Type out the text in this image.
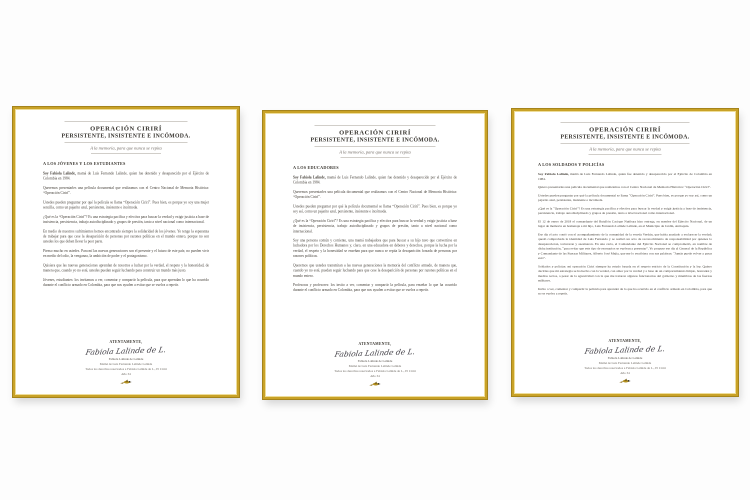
OPERACIÓN CIRIRÍ
PERSISTENTE, INSISTENTE E INCÓMODA.
A la memoria, para que nunca se repita
A LOS JÓVENES Y LOS ESTUDIANTES

Soy Fabiola Lalinde, mamá de Luis Fernando Lalinde, quien fue detenido y desaparecido por el Ejército de Colombia en 1984.

Queremos presentarles una película documental que realizamos con el Centro Nacional de Memoria Histórica: “Operación Cirirí”.

Ustedes pueden preguntar por qué la película se llama “Operación Cirirí”. Pues bien, es porque yo soy una mujer sencilla, como un pajarito azul, persistente, insistente e incómoda.

¿Qué es la “Operación Cirirí”? Es una estrategia pacífica y efectiva para buscar la verdad y exigir justicia a base de insistencia, persistencia, trabajo autodisciplinado y grupos de presión, tanto a nivel nacional como internacional.

En medio de nuestros sufrimientos hemos encontrado siempre la solidaridad de los jóvenes. Yo tengo la esperanza de trabajar para que cese la desaparición de personas por razones políticas en el mundo entero, porque no son ustedes los que deben llevar la peor parte.

Pienso mucho en ustedes. Para mí las nuevas generaciones son el presente y el futuro de este país; no pueden vivir en medio del odio, la venganza, la ambición de poder y el protagonismo.

Quisiera que las nuevas generaciones aprendan de nosotros a luchar por la verdad, el respeto y la honestidad, de manera que, cuando yo no esté, ustedes puedan seguir luchando para construir un mundo más justo.

Jóvenes, estudiantes: los invitamos a ver, comentar y compartir la película, para que aprendan lo que ha ocurrido durante el conflicto armado en Colombia, para que nos ayuden a evitar que se vuelva a repetir.

ATENTAMENTE,
Fabiola Lalinde de L.
Fabiola Lalinde de Lalinde
Mamá de Luis Fernando Lalinde Lalinde
Todos los derechos reservados a Fabiola Lalinde de L., El Cirirí
Año 34
OPERACIÓN CIRIRÍ
PERSISTENTE, INSISTENTE E INCÓMODA.
A la memoria, para que nunca se repita
A LOS EDUCADORES

Soy Fabiola Lalinde, mamá de Luis Fernando Lalinde, quien fue detenido y desaparecido por el Ejército de Colombia en 1984.

Queremos presentarles una película documental que realizamos con el Centro Nacional de Memoria Histórica: “Operación Cirirí”.

Ustedes pueden preguntar por qué la película documental se llama “Operación Cirirí”. Pues bien, es porque yo soy así, como un pajarito azul, persistente, insistente e incómoda.

¿Qué es la “Operación Cirirí”? Es una estrategia pacífica y efectiva para buscar la verdad y exigir justicia a base de insistencia, persistencia, trabajo autodisciplinado y grupos de presión, tanto a nivel nacional como internacional.

Soy una persona común y corriente, una mamá trabajadora que para buscar a su hijo tuvo que convertirse en luchadora por los Derechos Humanos y, claro, en una educadora en deberes y derechos, porque la lucha por la verdad, el respeto y la honestidad se enseñan para que nunca se repita la desaparición forzada de personas por razones políticas.

Queremos que ustedes transmitan a las nuevas generaciones la memoria del conflicto armado, de manera que, cuando yo no esté, puedan seguir luchando para que cese la desaparición de personas por razones políticas en el mundo entero.

Profesoras y profesores: los invito a ver, comentar y compartir la película, para enseñar lo que ha ocurrido durante el conflicto armado en Colombia, para que nos ayuden a evitar que se vuelva a repetir.

ATENTAMENTE,
Fabiola Lalinde de L.
Fabiola Lalinde de Lalinde
Mamá de Luis Fernando Lalinde Lalinde
Todos los derechos reservados a Fabiola Lalinde de L., El Cirirí
Año 34
OPERACIÓN CIRIRÍ
PERSISTENTE, INSISTENTE E INCÓMODA.
A la memoria, para que nunca se repita
A LOS SOLDADOS Y POLICÍAS

Soy Fabiola Lalinde, mamá de Luis Fernando Lalinde, quien fue detenido y desaparecido por el Ejército de Colombia en 1984.

Quiero presentarles una película documental que realizamos con el Centro Nacional de Memoria Histórica: “Operación Cirirí”.

Ustedes pueden preguntar por qué la película documental se llama “Operación Cirirí”. Pues bien, es porque yo soy así, como un pajarito azul, persistente, insistente e incómoda.

¿Qué es la “Operación Cirirí”? Es una estrategia pacífica y efectiva para buscar la verdad y exigir justicia a base de insistencia, persistencia, trabajo autodisciplinado y grupos de presión, tanto a nivel nacional como internacional.

El 12 de enero de 2018 el comandante del Batallón Cacique Nutibara hizo entrega, en nombre del Ejército Nacional, de un lugar de memoria en homenaje a mi hijo, Luis Fernando Lalinde Lalinde, en el Municipio de Jardín, Antioquia.

Ese día el acto contó con el acompañamiento de la comunidad de la vereda Verdún, que había ayudado a esclarecer la verdad; quedó comprobada la identidad de Luis Fernando y se realizó un acto de reconocimiento de responsabilidad por quienes lo desaparecieron, torturaron y asesinaron. En una carta, el Comandante del Ejército Nacional se comprometió, en nombre de dicha institución, “para evitar que este tipo de escenarios se vuelvan a presentar”. Yo propuse ese día al General de la República y Comandante de las Fuerzas Militares, Alberto José Mejía, que me lo escribiera con sus palabras: “Jamás puede volver a pasar esto”.

Soldados y policías: mi operación Cirirí siempre ha estado basada en el respeto estricto de la Constitución y la ley. Quiero decirles que mi estrategia se ha hecho con la verdad, con amor por la verdad y a base de un comportamiento limpio, honradez y medios rectos, a pesar de la agresividad con la que me trataron algunos funcionarios del gobierno y miembros de las fuerzas militares.

Invito a ver, comentar y compartir la película para aprender de lo que ha ocurrido en el conflicto armado en Colombia, para que no se vuelva a repetir.

ATENTAMENTE,
Fabiola Lalinde de L.
Fabiola Lalinde de Lalinde
Mamá de Luis Fernando Lalinde Lalinde
Todos los derechos reservados a Fabiola Lalinde de L., El Cirirí
Año 34
